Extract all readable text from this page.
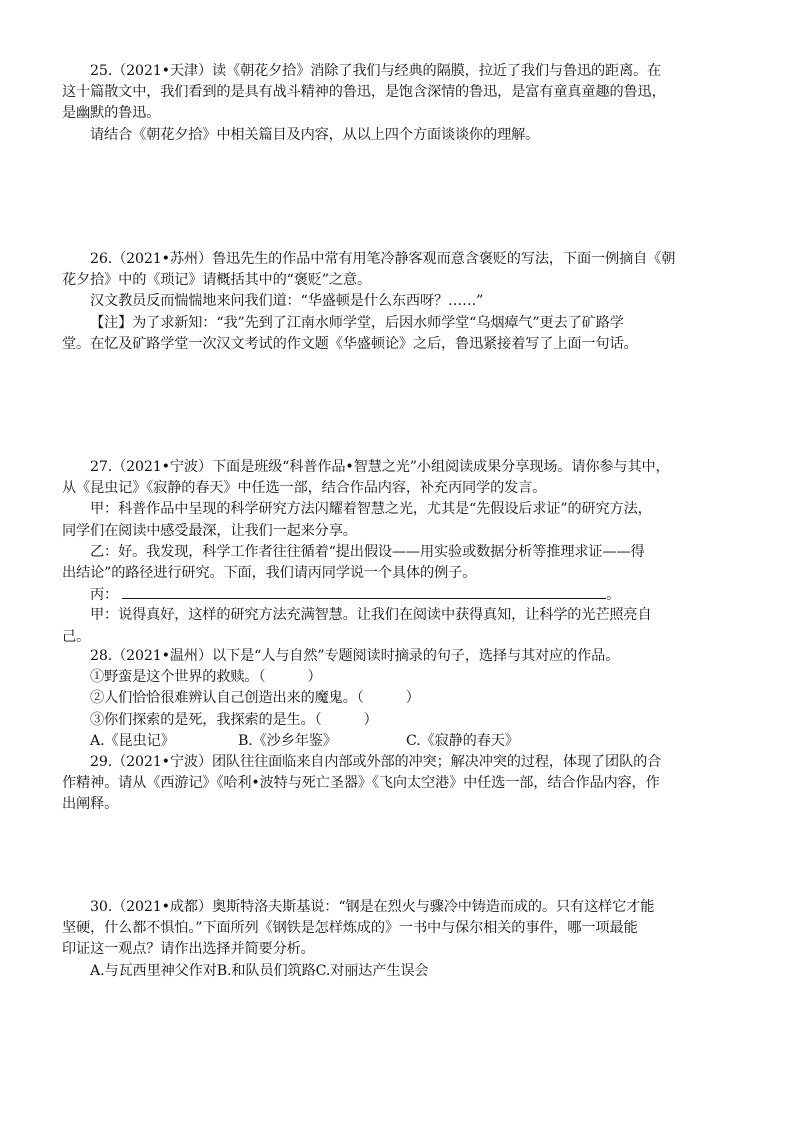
25.（2021•天津）读《朝花夕拾》消除了我们与经典的隔膜，拉近了我们与鲁迅的距离。在
这十篇散文中，我们看到的是具有战斗精神的鲁迅，是饱含深情的鲁迅，是富有童真童趣的鲁迅，
是幽默的鲁迅。
请结合《朝花夕拾》中相关篇目及内容，从以上四个方面谈谈你的理解。
26.（2021•苏州）鲁迅先生的作品中常有用笔冷静客观而意含褒贬的写法，下面一例摘自《朝
花夕拾》中的《琐记》请概括其中的“褒贬”之意。
汉文教员反而惴惴地来问我们道：“华盛顿是什么东西呀？……”
【注】为了求新知：“我”先到了江南水师学堂，后因水师学堂“乌烟瘴气”更去了矿路学
堂。在忆及矿路学堂一次汉文考试的作文题《华盛顿论》之后，鲁迅紧接着写了上面一句话。
27.（2021•宁波）下面是班级“科普作品•智慧之光”小组阅读成果分享现场。请你参与其中，
从《昆虫记》《寂静的春天》中任选一部，结合作品内容，补充丙同学的发言。
甲：科普作品中呈现的科学研究方法闪耀着智慧之光，尤其是“先假设后求证”的研究方法，
同学们在阅读中感受最深，让我们一起来分享。
乙：好。我发现，科学工作者往往循着“提出假设——用实验或数据分析等推理求证——得
出结论”的路径进行研究。下面，我们请丙同学说一个具体的例子。
丙：	。
甲：说得真好，这样的研究方法充满智慧。让我们在阅读中获得真知，让科学的光芒照亮自
己。
28.（2021•温州）以下是“人与自然”专题阅读时摘录的句子，选择与其对应的作品。
①野蛮是这个世界的救赎。（　　　）
②人们恰恰很难辨认自己创造出来的魔鬼。（　　　）
③你们探索的是死，我探索的是生。（　　　）
A.《昆虫记》	B.《沙乡年鉴》	C.《寂静的春天》
29.（2021•宁波）团队往往面临来自内部或外部的冲突；解决冲突的过程，体现了团队的合
作精神。请从《西游记》《哈利•波特与死亡圣器》《飞向太空港》中任选一部，结合作品内容，作
出阐释。
30.（2021•成都）奥斯特洛夫斯基说：“钢是在烈火与骤冷中铸造而成的。只有这样它才能
坚硬，什么都不惧怕。”下面所列《钢铁是怎样炼成的》一书中与保尔相关的事件，哪一项最能
印证这一观点？请作出选择并简要分析。
A.与瓦西里神父作对B.和队员们筑路C.对丽达产生误会
